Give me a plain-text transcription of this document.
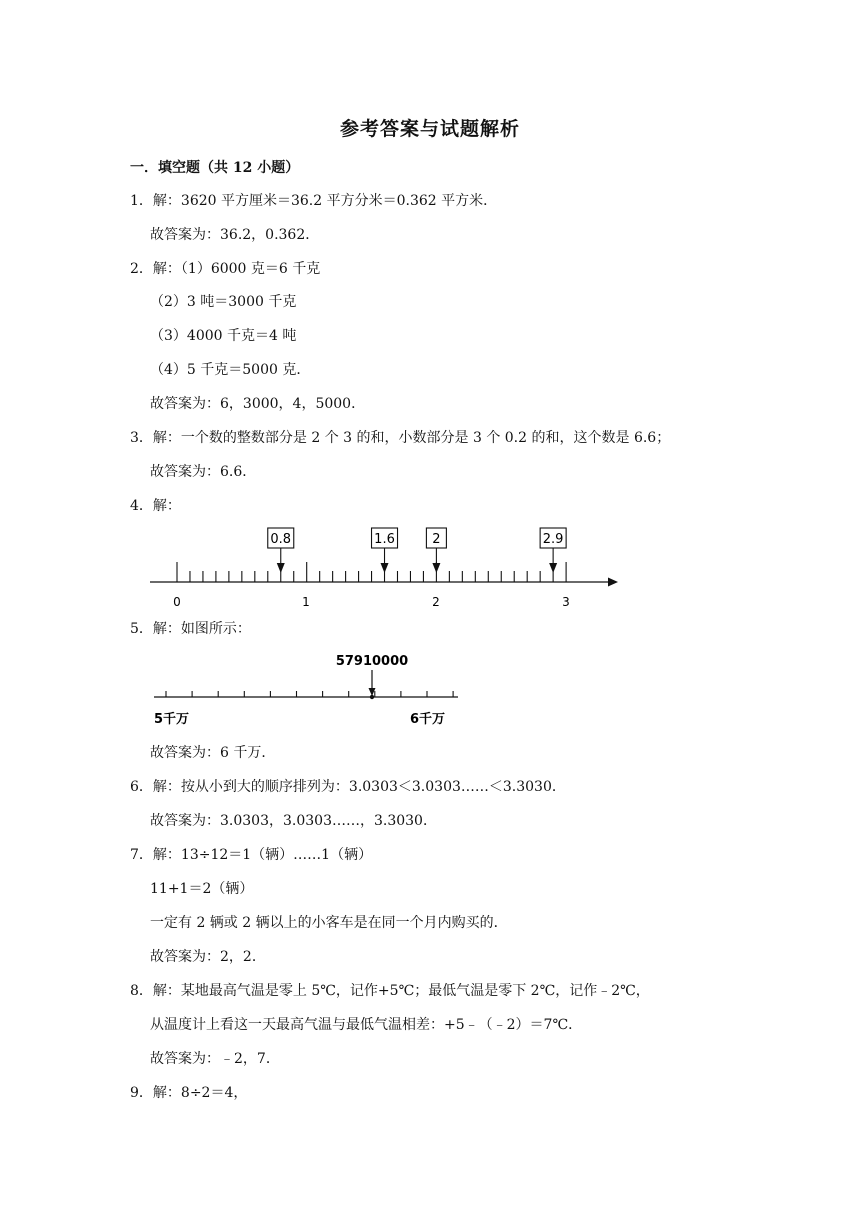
参考答案与试题解析
一．填空题（共 12 小题）
1．解：3620 平方厘米＝36.2 平方分米＝0.362 平方米．
故答案为：36.2，0.362．
2．解：（1）6000 克＝6 千克
（2）3 吨＝3000 千克
（3）4000 千克＝4 吨
（4）5 千克＝5000 克．
故答案为：6，3000，4，5000．
3．解：一个数的整数部分是 2 个 3 的和，小数部分是 3 个 0.2 的和，这个数是 6.6；
故答案为：6.6．
4．解：
0.8	1.6	2	2.9
0	1	2	3
5．解：如图所示：
57910000
5千万	6千万
故答案为：6 千万．
6．解：按从小到大的顺序排列为：3.0303＜3.0303……＜3.3030．
故答案为：3.0303，3.0303……，3.3030．
7．解：13÷12＝1（辆）……1（辆）
11+1＝2（辆）
一定有 2 辆或 2 辆以上的小客车是在同一个月内购买的．
故答案为：2，2．
8．解：某地最高气温是零上 5℃，记作+5℃；最低气温是零下 2℃，记作﹣2℃，
从温度计上看这一天最高气温与最低气温相差：+5﹣（﹣2）＝7℃．
故答案为：﹣2，7．
9．解：8÷2＝4，
